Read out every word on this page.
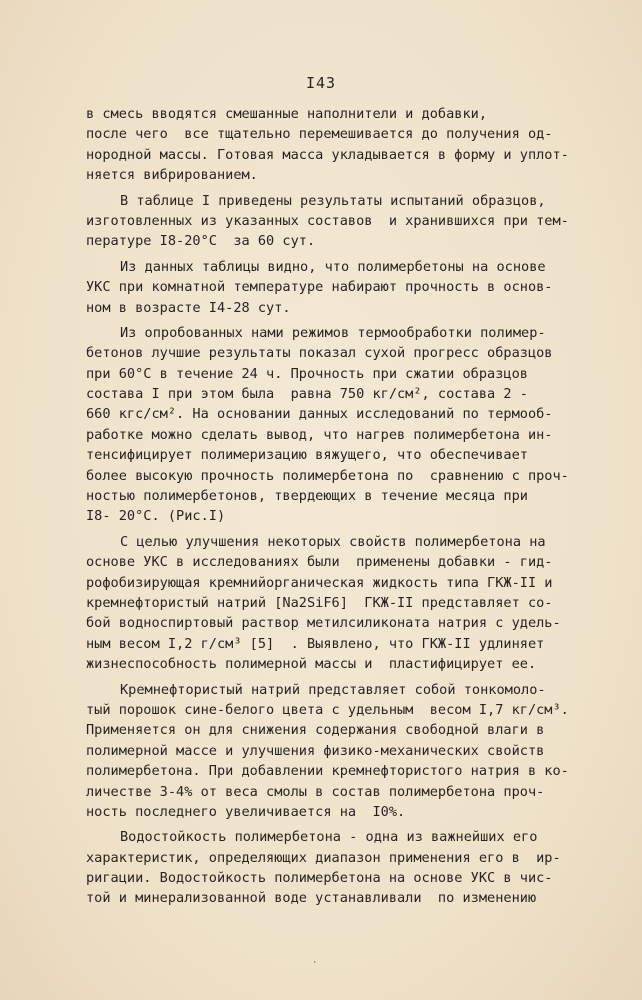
I43
в смесь вводятся смешанные наполнители и добавки,
после чего  все тщательно перемешивается до получения од-
нородной массы. Готовая масса укладывается в форму и уплот-
няется вибрированием.
В таблице I приведены результаты испытаний образцов,
изготовленных из указанных составов  и хранившихся при тем-
пературе I8-20°C  за 60 сут.
Из данных таблицы видно, что полимербетоны на основе
УКС при комнатной температуре набирают прочность в основ-
ном в возрасте I4-28 сут.
Из опробованных нами режимов термообработки полимер-
бетонов лучшие результаты показал сухой прогресс образцов
при 60°C в течение 24 ч. Прочность при сжатии образцов
состава I при этом была  равна 750 кг/см², состава 2 -
660 кгс/см². На основании данных исследований по термооб-
работке можно сделать вывод, что нагрев полимербетона ин-
тенсифицирует полимеризацию вяжущего, что обеспечивает
более высокую прочность полимербетона по  сравнению с проч-
ностью полимербетонов, твердеющих в течение месяца при
I8- 20°C. (Рис.I)
С целью улучшения некоторых свойств полимербетона на
основе УКС в исследованиях были  применены добавки - гид-
рофобизирующая кремнийорганическая жидкость типа ГКЖ-II и
кремнефтористый натрий [Na2SiF6]  ГКЖ-II представляет со-
бой водноспиртовый раствор метилсиликоната натрия с удель-
ным весом I,2 г/см³ [5]  . Выявлено, что ГКЖ-II удлиняет
жизнеспособность полимерной массы и  пластифицирует ее.
Кремнефтористый натрий представляет собой тонкомоло-
тый порошок сине-белого цвета с удельным  весом I,7 кг/см³.
Применяется он для снижения содержания свободной влаги в
полимерной массе и улучшения физико-механических свойств
полимербетона. При добавлении кремнефтористого натрия в ко-
личестве 3-4% от веса смолы в состав полимербетона проч-
ность последнего увеличивается на  I0%.
Водостойкость полимербетона - одна из важнейших его
характеристик, определяющих диапазон применения его в  ир-
ригации. Водостойкость полимербетона на основе УКС в чис-
той и минерализованной воде устанавливали  по изменению
·
